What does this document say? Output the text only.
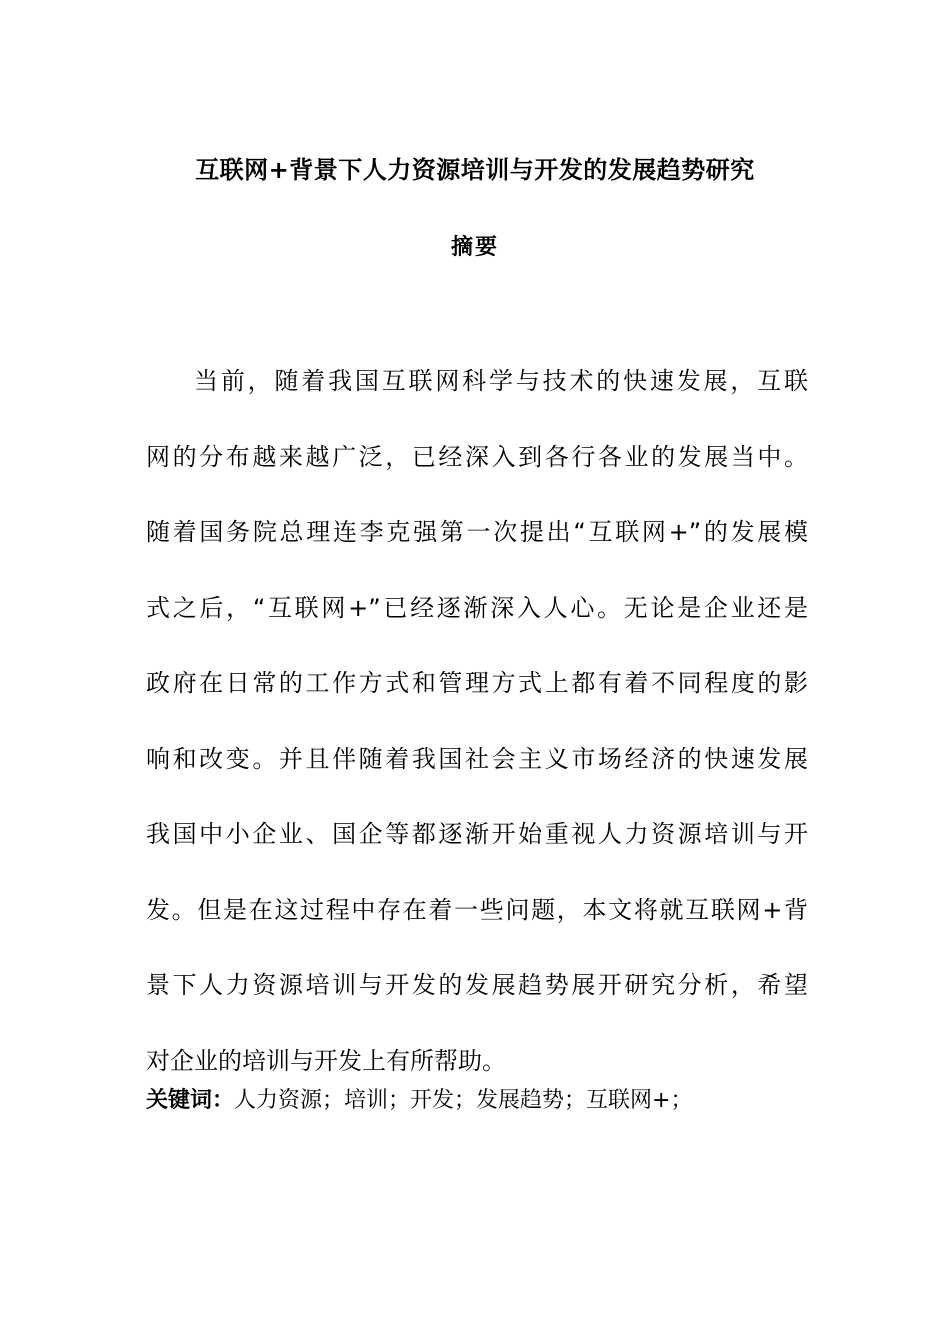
互联网+背景下人力资源培训与开发的发展趋势研究
摘要
当前，随着我国互联网科学与技术的快速发展，互联
网的分布越来越广泛，已经深入到各行各业的发展当中。
随着国务院总理连李克强第一次提出“互联网+”的发展模
式之后，“互联网+”已经逐渐深入人心。无论是企业还是
政府在日常的工作方式和管理方式上都有着不同程度的影
响和改变。并且伴随着我国社会主义市场经济的快速发展
我国中小企业、国企等都逐渐开始重视人力资源培训与开
发。但是在这过程中存在着一些问题，本文将就互联网+背
景下人力资源培训与开发的发展趋势展开研究分析，希望
对企业的培训与开发上有所帮助。
关键词：人力资源；培训；开发；发展趋势；互联网+；
